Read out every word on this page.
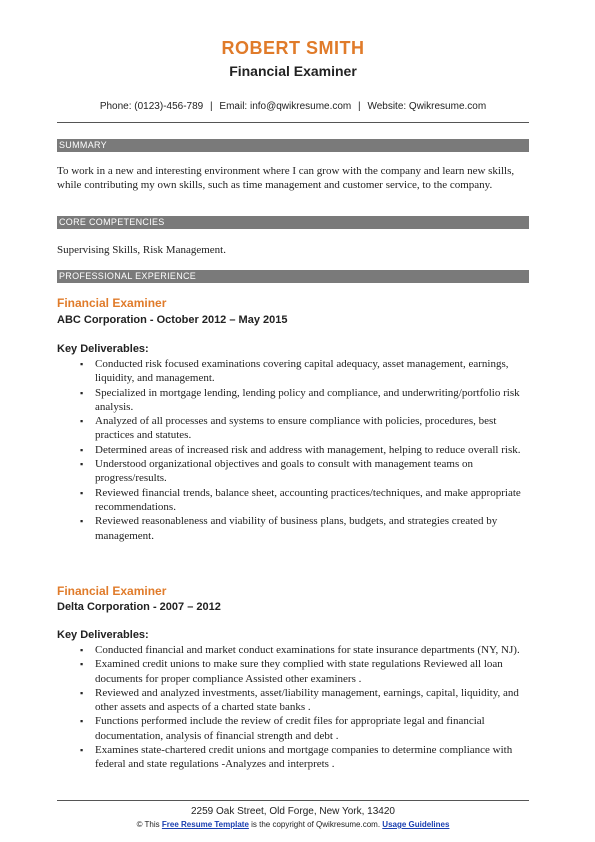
ROBERT SMITH
Financial Examiner
Phone: (0123)-456-789 | Email: info@qwikresume.com | Website: Qwikresume.com
SUMMARY
To work in a new and interesting environment where I can grow with the company and learn new skills, while contributing my own skills, such as time management and customer service, to the company.
CORE COMPETENCIES
Supervising Skills, Risk Management.
PROFESSIONAL EXPERIENCE
Financial Examiner
ABC Corporation - October 2012 – May 2015
Key Deliverables:
▪ Conducted risk focused examinations covering capital adequacy, asset management, earnings, liquidity, and management.
▪ Specialized in mortgage lending, lending policy and compliance, and underwriting/portfolio risk analysis.
▪ Analyzed of all processes and systems to ensure compliance with policies, procedures, best practices and statutes.
▪ Determined areas of increased risk and address with management, helping to reduce overall risk.
▪ Understood organizational objectives and goals to consult with management teams on progress/results.
▪ Reviewed financial trends, balance sheet, accounting practices/techniques, and make appropriate recommendations.
▪ Reviewed reasonableness and viability of business plans, budgets, and strategies created by management.
Financial Examiner
Delta Corporation - 2007 – 2012
Key Deliverables:
▪ Conducted financial and market conduct examinations for state insurance departments (NY, NJ).
▪ Examined credit unions to make sure they complied with state regulations Reviewed all loan documents for proper compliance Assisted other examiners .
▪ Reviewed and analyzed investments, asset/liability management, earnings, capital, liquidity, and other assets and aspects of a charted state banks .
▪ Functions performed include the review of credit files for appropriate legal and financial documentation, analysis of financial strength and debt .
▪ Examines state-chartered credit unions and mortgage companies to determine compliance with federal and state regulations -Analyzes and interprets .
2259 Oak Street, Old Forge, New York, 13420
© This Free Resume Template is the copyright of Qwikresume.com. Usage Guidelines
